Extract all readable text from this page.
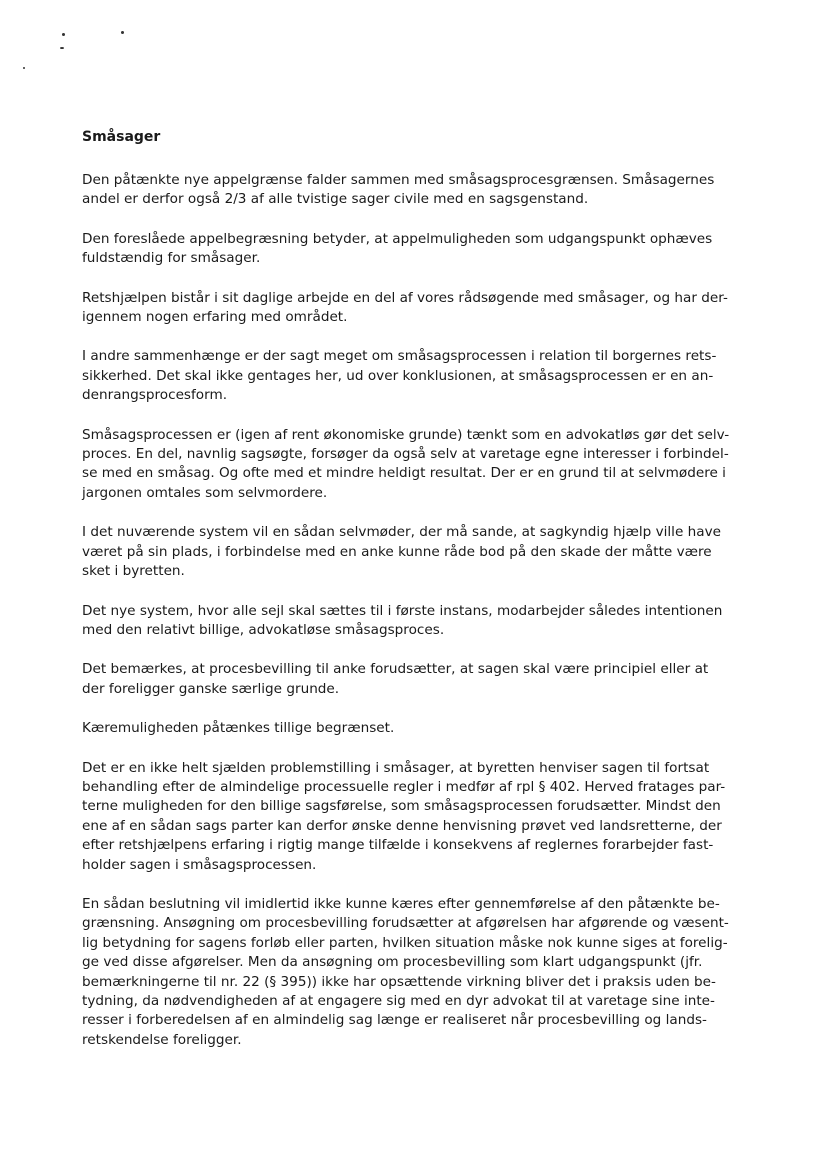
Småsager
Den påtænkte nye appelgrænse falder sammen med småsagsprocesgrænsen. Småsagernes
andel er derfor også 2/3 af alle tvistige sager civile med en sagsgenstand.
Den foreslåede appelbegræsning betyder, at appelmuligheden som udgangspunkt ophæves
fuldstændig for småsager.
Retshjælpen bistår i sit daglige arbejde en del af vores rådsøgende med småsager, og har der-
igennem nogen erfaring med området.
I andre sammenhænge er der sagt meget om småsagsprocessen i relation til borgernes rets-
sikkerhed. Det skal ikke gentages her, ud over konklusionen, at småsagsprocessen er en an-
denrangsprocesform.
Småsagsprocessen er (igen af rent økonomiske grunde) tænkt som en advokatløs gør det selv-
proces. En del, navnlig sagsøgte, forsøger da også selv at varetage egne interesser i forbindel-
se med en småsag. Og ofte med et mindre heldigt resultat. Der er en grund til at selvmødere i
jargonen omtales som selvmordere.
I det nuværende system vil en sådan selvmøder, der må sande, at sagkyndig hjælp ville have
været på sin plads, i forbindelse med en anke kunne råde bod på den skade der måtte være
sket i byretten.
Det nye system, hvor alle sejl skal sættes til i første instans, modarbejder således intentionen
med den relativt billige, advokatløse småsagsproces.
Det bemærkes, at procesbevilling til anke forudsætter, at sagen skal være principiel eller at
der foreligger ganske særlige grunde.
Kæremuligheden påtænkes tillige begrænset.
Det er en ikke helt sjælden problemstilling i småsager, at byretten henviser sagen til fortsat
behandling efter de almindelige processuelle regler i medfør af rpl § 402. Herved fratages par-
terne muligheden for den billige sagsførelse, som småsagsprocessen forudsætter. Mindst den
ene af en sådan sags parter kan derfor ønske denne henvisning prøvet ved landsretterne, der
efter retshjælpens erfaring i rigtig mange tilfælde i konsekvens af reglernes forarbejder fast-
holder sagen i småsagsprocessen.
En sådan beslutning vil imidlertid ikke kunne kæres efter gennemførelse af den påtænkte be-
grænsning. Ansøgning om procesbevilling forudsætter at afgørelsen har afgørende og væsent-
lig betydning for sagens forløb eller parten, hvilken situation måske nok kunne siges at forelig-
ge ved disse afgørelser. Men da ansøgning om procesbevilling som klart udgangspunkt (jfr.
bemærkningerne til nr. 22 (§ 395)) ikke har opsættende virkning bliver det i praksis uden be-
tydning, da nødvendigheden af at engagere sig med en dyr advokat til at varetage sine inte-
resser i forberedelsen af en almindelig sag længe er realiseret når procesbevilling og lands-
retskendelse foreligger.
